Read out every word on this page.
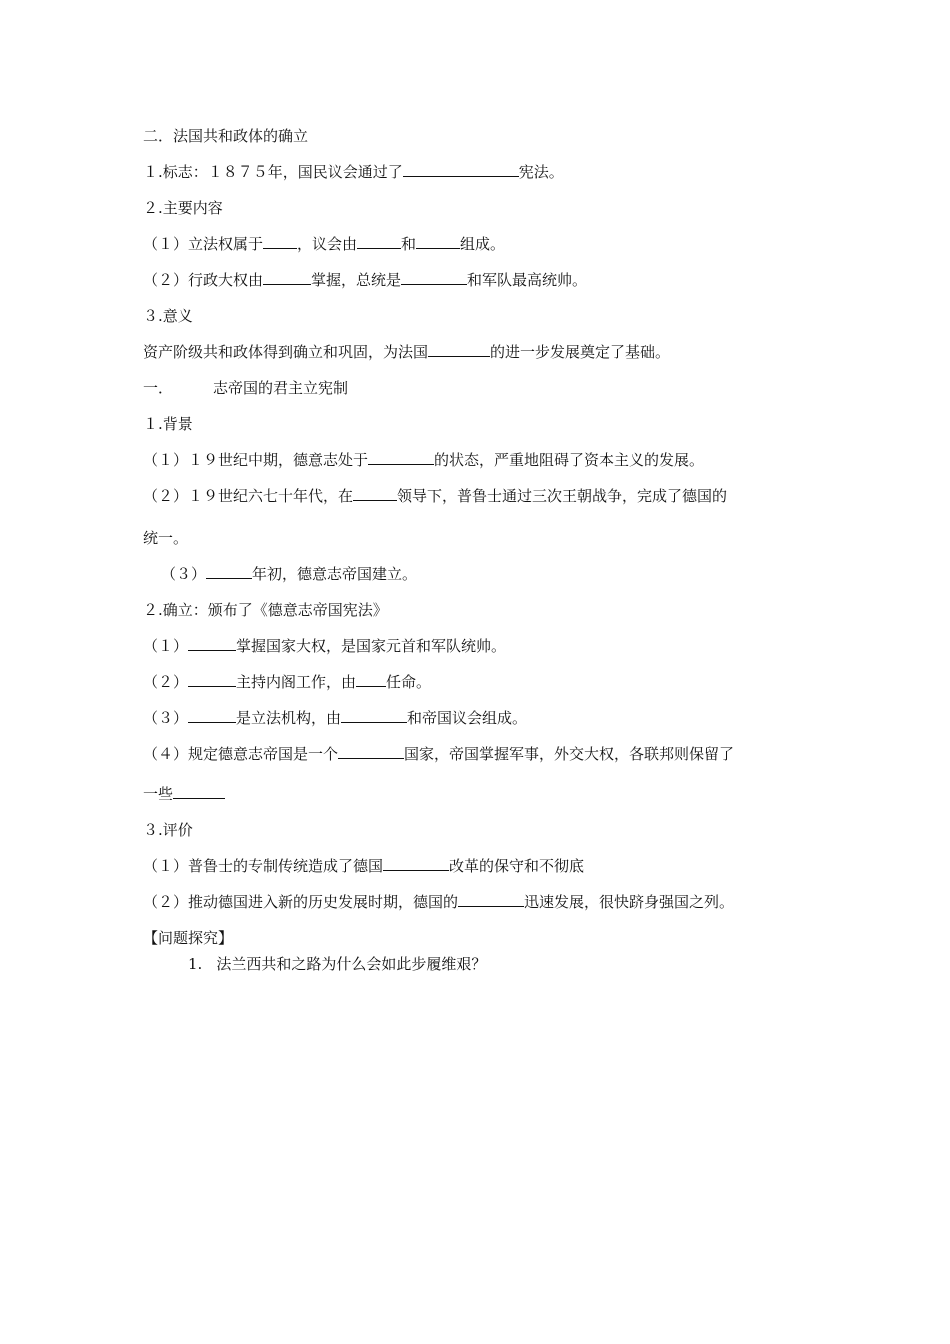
二．法国共和政体的确立
１.标志：１８７５年，国民议会通过了	宪法。
２.主要内容
（１）立法权属于 ，议会由	和	组成。
（２）行政大权由	掌握，总统是	和军队最高统帅。
３.意义
资产阶级共和政体得到确立和巩固，为法国	的进一步发展奠定了基础。
一．	志帝国的君主立宪制
１.背景
（１）１９世纪中期，德意志处于	的状态，严重地阻碍了资本主义的发展。
（２）１９世纪六七十年代，在	领导下，普鲁士通过三次王朝战争，完成了德国的
统一。
（３）	年初，德意志帝国建立。
２.确立：颁布了《德意志帝国宪法》
（１）	掌握国家大权，是国家元首和军队统帅。
（２）	主持内阁工作，由 任命。
（３）	是立法机构，由	和帝国议会组成。
（４）规定德意志帝国是一个	国家，帝国掌握军事，外交大权，各联邦则保留了
一些
３.评价
（１）普鲁士的专制传统造成了德国	改革的保守和不彻底
（２）推动德国进入新的历史发展时期，德国的	迅速发展，很快跻身强国之列。
【问题探究】
1. 法兰西共和之路为什么会如此步履维艰？
